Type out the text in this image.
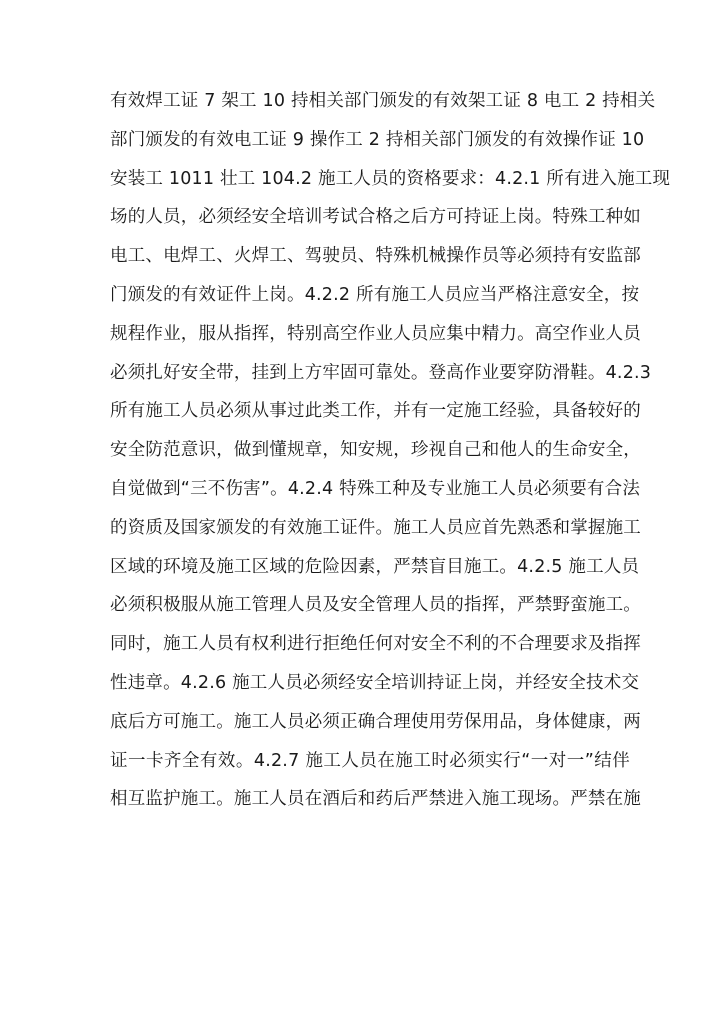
有效焊工证 7 架工 10 持相关部门颁发的有效架工证 8 电工 2 持相关
部门颁发的有效电工证 9 操作工 2 持相关部门颁发的有效操作证 10
安装工 1011 壮工 104.2 施工人员的资格要求：4.2.1 所有进入施工现
场的人员，必须经安全培训考试合格之后方可持证上岗。特殊工种如
电工、电焊工、火焊工、驾驶员、特殊机械操作员等必须持有安监部
门颁发的有效证件上岗。4.2.2 所有施工人员应当严格注意安全，按
规程作业，服从指挥，特别高空作业人员应集中精力。高空作业人员
必须扎好安全带，挂到上方牢固可靠处。登高作业要穿防滑鞋。4.2.3
所有施工人员必须从事过此类工作，并有一定施工经验，具备较好的
安全防范意识，做到懂规章，知安规，珍视自己和他人的生命安全，
自觉做到“三不伤害”。4.2.4 特殊工种及专业施工人员必须要有合法
的资质及国家颁发的有效施工证件。施工人员应首先熟悉和掌握施工
区域的环境及施工区域的危险因素，严禁盲目施工。4.2.5 施工人员
必须积极服从施工管理人员及安全管理人员的指挥，严禁野蛮施工。
同时，施工人员有权利进行拒绝任何对安全不利的不合理要求及指挥
性违章。4.2.6 施工人员必须经安全培训持证上岗，并经安全技术交
底后方可施工。施工人员必须正确合理使用劳保用品，身体健康，两
证一卡齐全有效。4.2.7 施工人员在施工时必须实行“一对一”结伴
相互监护施工。施工人员在酒后和药后严禁进入施工现场。严禁在施
